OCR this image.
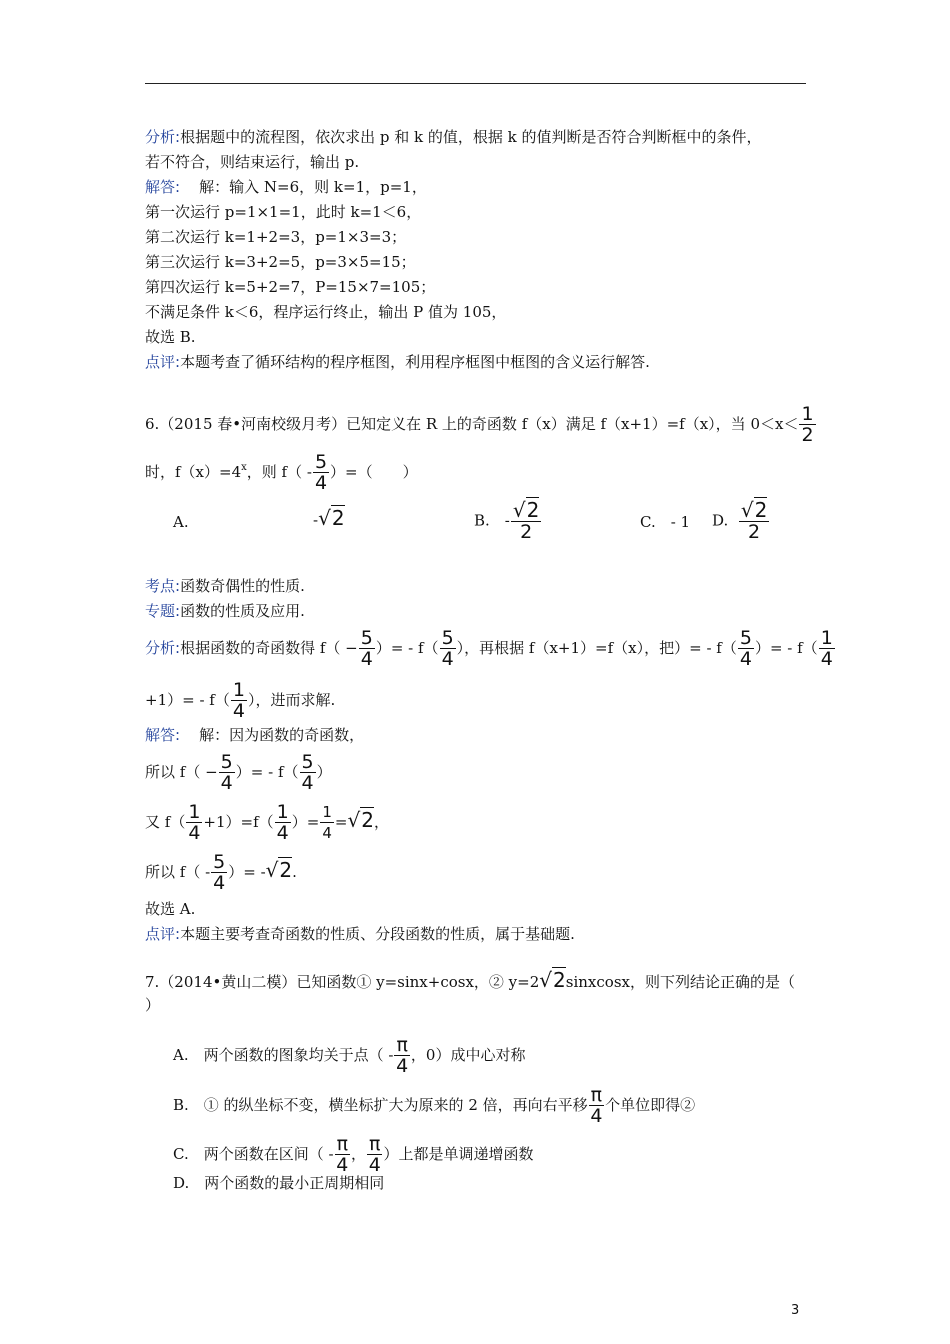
分析:根据题中的流程图，依次求出 p 和 k 的值，根据 k 的值判断是否符合判断框中的条件，
若不符合，则结束运行，输出 p.
解答: 解：输入 N=6，则 k=1，p=1，
第一次运行 p=1×1=1，此时 k=1＜6，
第二次运行 k=1+2=3，p=1×3=3；
第三次运行 k=3+2=5，p=3×5=15；
第四次运行 k=5+2=7，P=15×7=105；
不满足条件 k＜6，程序运行终止，输出 P 值为 105，
故选 B.
点评:本题考查了循环结构的程序框图，利用程序框图中框图的含义运行解答.
6.（2015 春•河南校级月考）已知定义在 R 上的奇函数 f（x）满足 f（x+1）=f（x），当 $0<x< \frac{1}{2}$
时，$f(x)=4^x$，则 $f( - \frac{5}{4}$ ）=（　　）
A.	-√2	B.　- $\frac{√2}{2}$	C.　- 1 D. $\frac{√2}{2}$
考点:函数奇偶性的性质.
专题:函数的性质及应用.
分析:根据函数的奇函数得 $f( - \frac{5}{4}$ ）= - $f( \frac{5}{4}$ ），再根据 f（x+1）=f（x），把）= - $f( \frac{5}{4}$ ）= - $f( \frac{1}{4}$
$+1)= - f( \frac{1}{4}$ ），进而求解.
解答: 解：因为函数的奇函数，
所以 $f( - \frac{5}{4}$ ）= - $f( \frac{5}{4}$ ）
又 $f( \frac{1}{4} +1)=f( \frac{1}{4}$ ）= $\frac{1}{4} =√2$，
所以 $f( - \frac{5}{4}$ ）= -√2.
故选 A.
点评:本题主要考查奇函数的性质、分段函数的性质，属于基础题.
7.（2014•黄山二模）已知函数① y=sinx+cosx，② y=2√2sinxcosx，则下列结论正确的是（
）
A.　两个函数的图象均关于点（ - $\frac{\pi}{4}$ ，0）成中心对称
B.　① 的纵坐标不变，横坐标扩大为原来的 2 倍，再向右平移 $\frac{\pi}{4}$ 个单位即得②
C.　两个函数在区间（ - $\frac{\pi}{4}$ ， $\frac{\pi}{4}$ ）上都是单调递增函数
D.　两个函数的最小正周期相同
3
